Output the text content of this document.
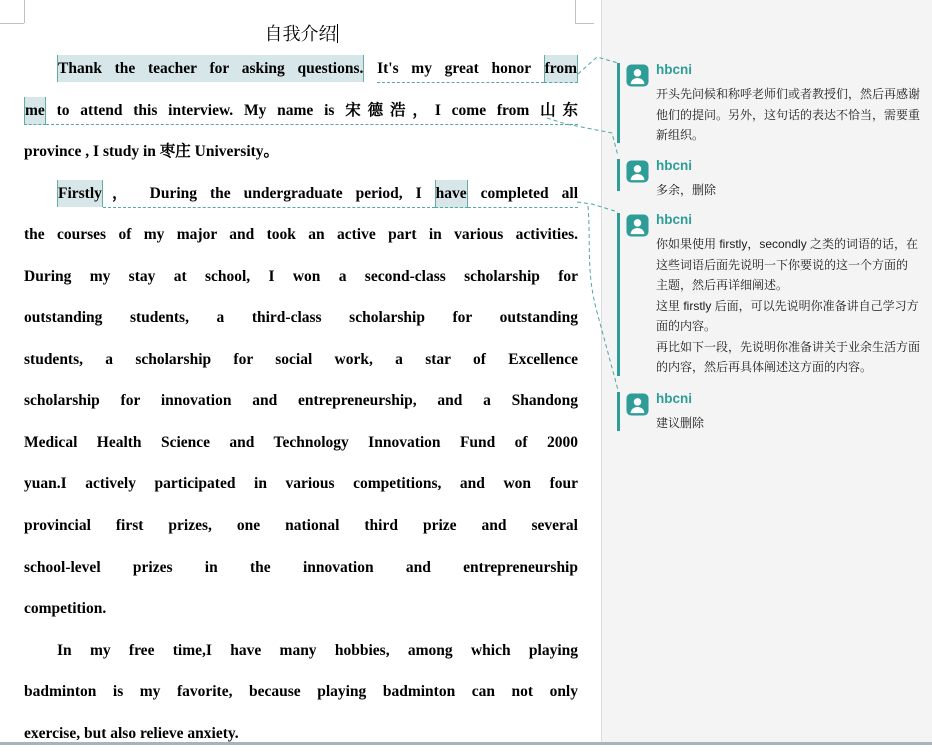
自我介绍
Thank the teacher for asking questions. It's my great honor from
me to attend this interview. My name is 宋德浩，I come from 山东
province , I study in 枣庄 University。
Firstly， During the undergraduate period, I have completed all
the courses of my major and took an active part in various activities.
During my stay at school, I won a second-class scholarship for
outstanding students, a third-class scholarship for outstanding
students, a scholarship for social work, a star of Excellence
scholarship for innovation and entrepreneurship, and a Shandong
Medical Health Science and Technology Innovation Fund of 2000
yuan.I actively participated in various competitions, and won four
provincial first prizes, one national third prize and several
school-level prizes in the innovation and entrepreneurship
competition.
In my free time,I have many hobbies, among which playing
badminton is my favorite, because playing badminton can not only
exercise, but also relieve anxiety.
hbcni
开头先问候和称呼老师们或者教授们，然后再感谢
他们的提问。另外，这句话的表达不恰当，需要重
新组织。
hbcni
多余，删除
hbcni
你如果使用 firstly，secondly 之类的词语的话，在
这些词语后面先说明一下你要说的这一个方面的
主题，然后再详细阐述。
这里 firstly 后面，可以先说明你准备讲自己学习方
面的内容。
再比如下一段，先说明你准备讲关于业余生活方面
的内容，然后再具体阐述这方面的内容。
hbcni
建议删除
